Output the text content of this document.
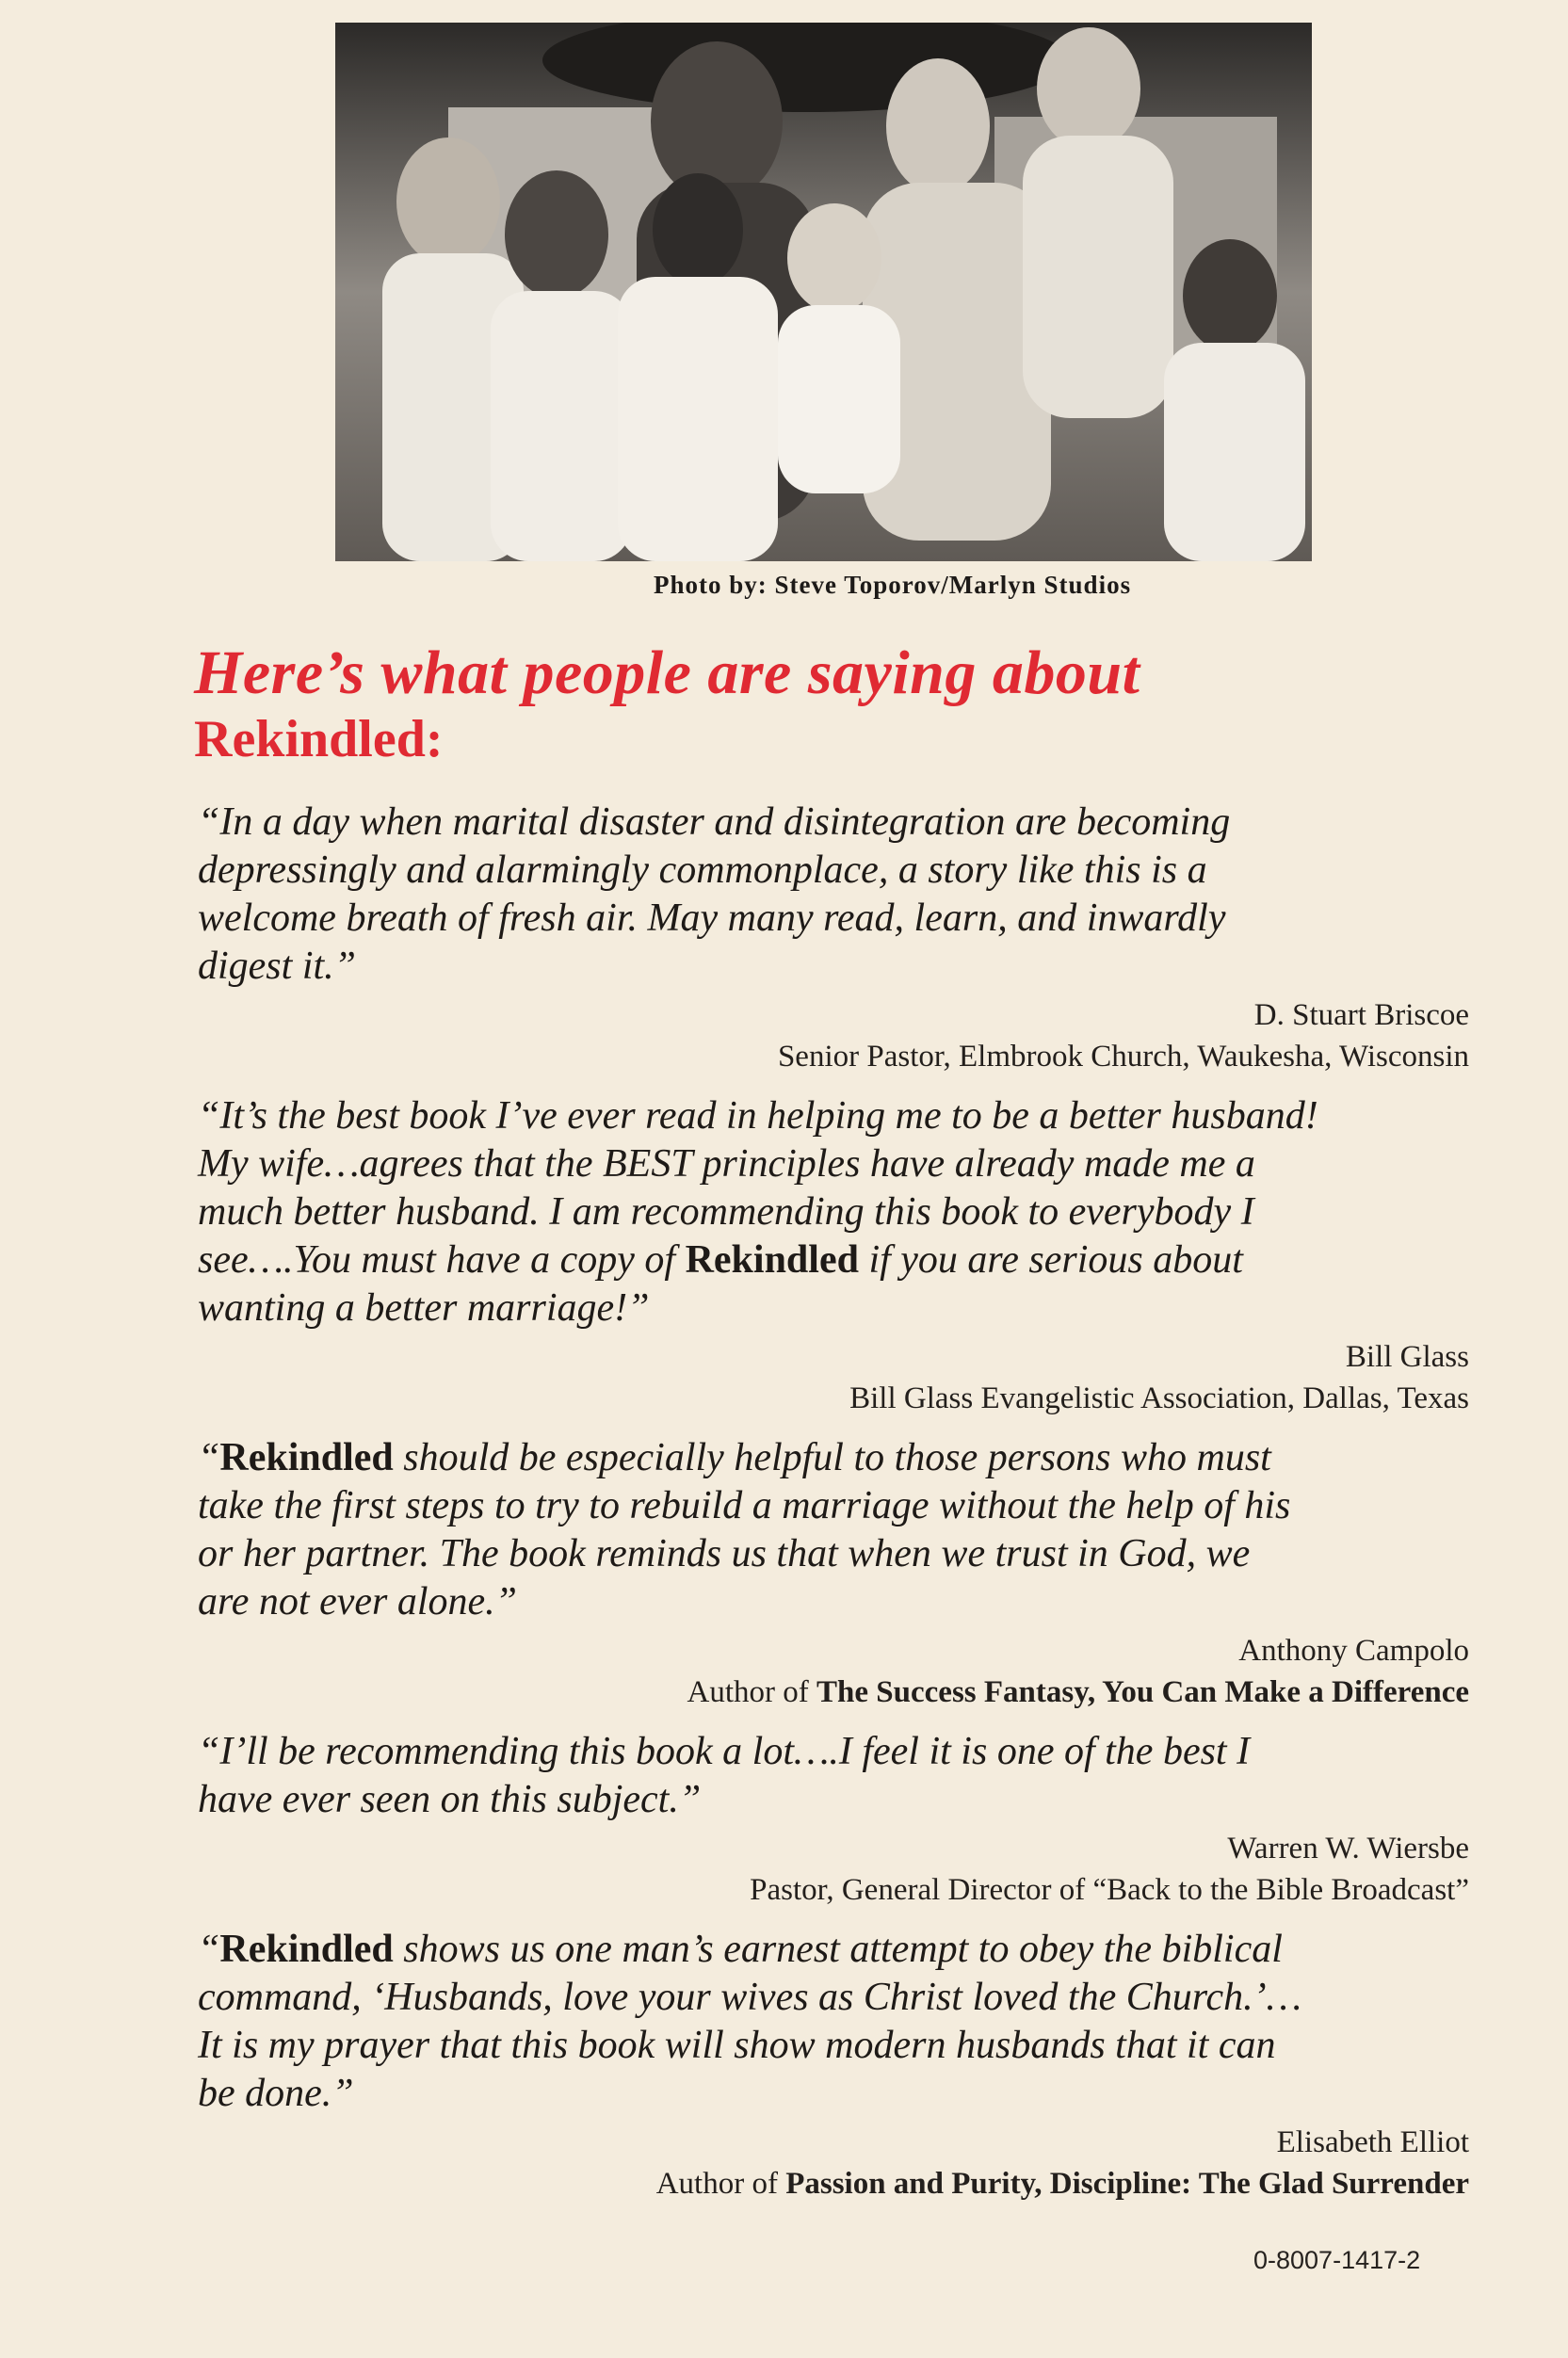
Photo by: Steve Toporov/Marlyn Studios
Here’s what people are saying about
Rekindled:

“In a day when marital disaster and disintegration are becoming
depressingly and alarmingly commonplace, a story like this is a
welcome breath of fresh air. May many read, learn, and inwardly
digest it.”

D. Stuart Briscoe
Senior Pastor, Elmbrook Church, Waukesha, Wisconsin

“It’s the best book I’ve ever read in helping me to be a better husband!
My wife…agrees that the BEST principles have already made me a
much better husband. I am recommending this book to everybody I
see….You must have a copy of Rekindled if you are serious about
wanting a better marriage!”

Bill Glass
Bill Glass Evangelistic Association, Dallas, Texas

“Rekindled should be especially helpful to those persons who must
take the first steps to try to rebuild a marriage without the help of his
or her partner. The book reminds us that when we trust in God, we
are not ever alone.”

Anthony Campolo
Author of The Success Fantasy, You Can Make a Difference

“I’ll be recommending this book a lot….I feel it is one of the best I
have ever seen on this subject.”

Warren W. Wiersbe
Pastor, General Director of “Back to the Bible Broadcast”

“Rekindled shows us one man’s earnest attempt to obey the biblical
command, ‘Husbands, love your wives as Christ loved the Church.’…
It is my prayer that this book will show modern husbands that it can
be done.”

Elisabeth Elliot
Author of Passion and Purity, Discipline: The Glad Surrender
0-8007-1417-2
